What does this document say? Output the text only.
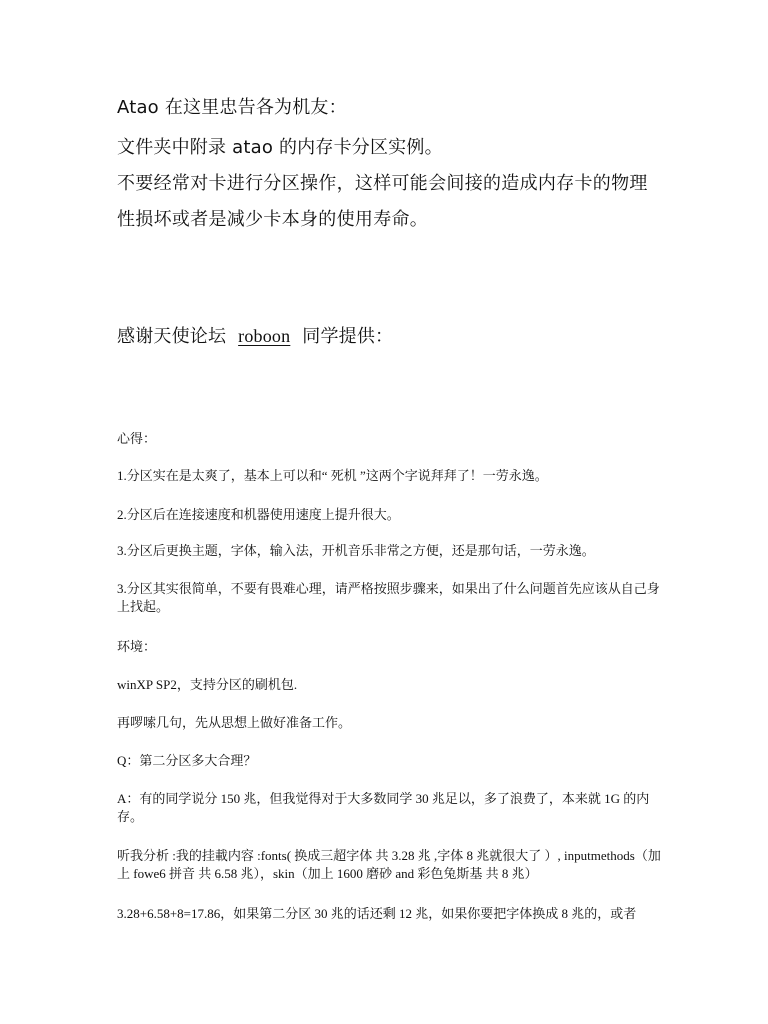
Atao 在这里忠告各为机友：
文件夹中附录 atao 的内存卡分区实例。
不要经常对卡进行分区操作，这样可能会间接的造成内存卡的物理性损坏或者是减少卡本身的使用寿命。
感谢天使论坛 roboon 同学提供：
心得：
1.分区实在是太爽了，基本上可以和“ 死机 ”这两个字说拜拜了！一劳永逸。
2.分区后在连接速度和机器使用速度上提升很大。
3.分区后更换主题，字体，输入法，开机音乐非常之方便，还是那句话，一劳永逸。
3.分区其实很简单，不要有畏难心理，请严格按照步骤来，如果出了什么问题首先应该从自己身上找起。
环境：
winXP SP2，支持分区的刷机包.
再啰嗦几句，先从思想上做好准备工作。
Q：第二分区多大合理？
A：有的同学说分 150 兆，但我觉得对于大多数同学 30 兆足以，多了浪费了，本来就 1G 的内存。
听我分析 :我的挂載内容 :fonts( 换成三超字体 共 3.28 兆 ,字体 8 兆就很大了 ）, inputmethods（加上 fowe6 拼音 共 6.58 兆），skin（加上 1600 磨砂 and 彩色兔斯基 共 8 兆）
3.28+6.58+8=17.86，如果第二分区 30 兆的话还剩 12 兆，如果你要把字体换成 8 兆的，或者
